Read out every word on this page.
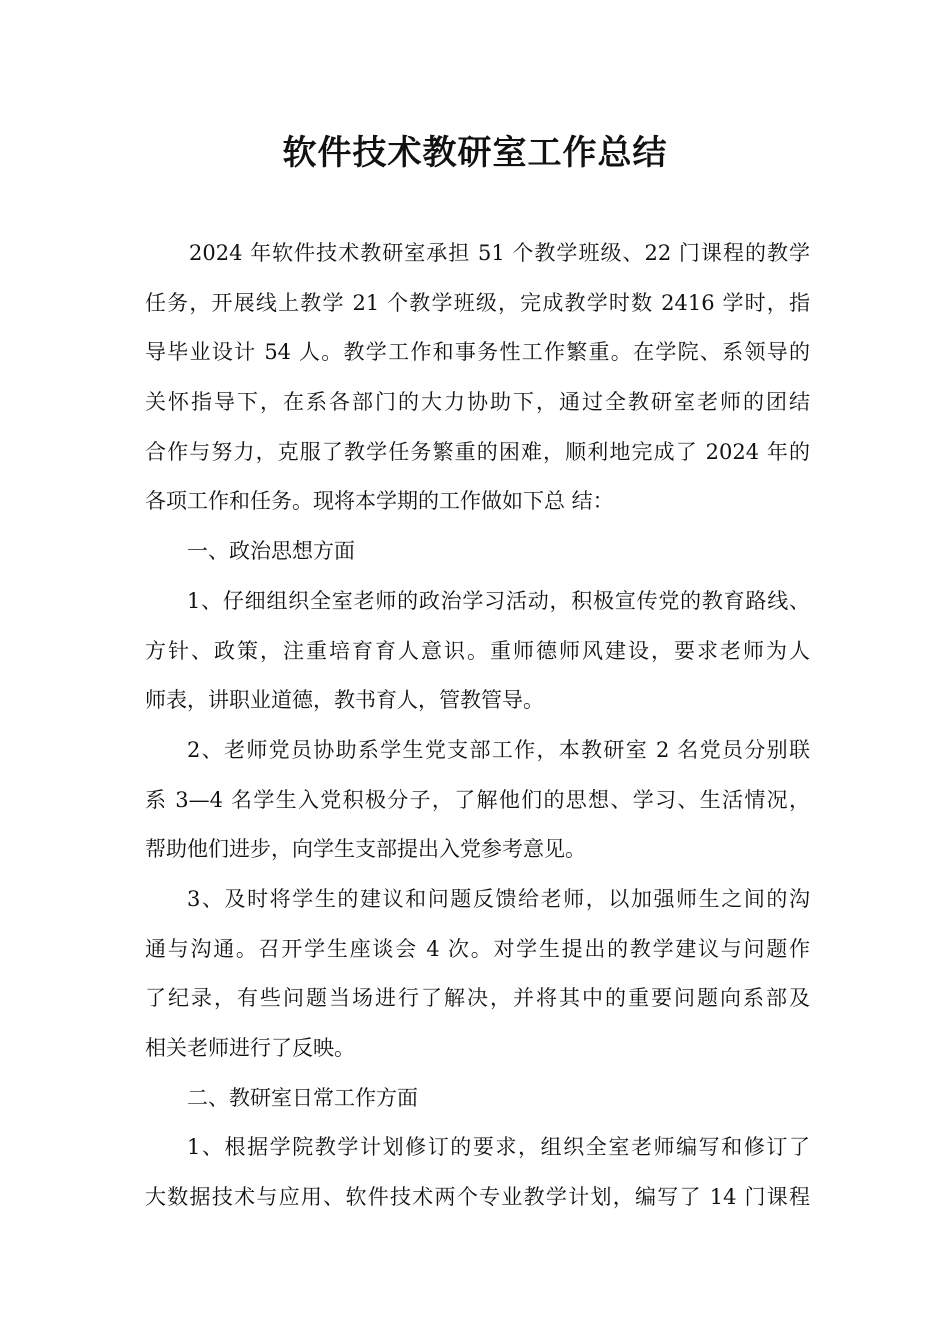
软件技术教研室工作总结
2024 年软件技术教研室承担 51 个教学班级、22 门课程的教学
任务，开展线上教学 21 个教学班级，完成教学时数 2416 学时，指
导毕业设计 54 人。教学工作和事务性工作繁重。在学院、系领导的
关怀指导下，在系各部门的大力协助下，通过全教研室老师的团结
合作与努力，克服了教学任务繁重的困难，顺利地完成了 2024 年的
各项工作和任务。现将本学期的工作做如下总 结：
一、政治思想方面
1、仔细组织全室老师的政治学习活动，积极宣传党的教育路线、
方针、政策，注重培育育人意识。重师德师风建设，要求老师为人
师表，讲职业道德，教书育人，管教管导。
2、老师党员协助系学生党支部工作，本教研室 2 名党员分别联
系 3—4 名学生入党积极分子，了解他们的思想、学习、生活情况，
帮助他们进步，向学生支部提出入党参考意见。
3、及时将学生的建议和问题反馈给老师，以加强师生之间的沟
通与沟通。召开学生座谈会 4 次。对学生提出的教学建议与问题作
了纪录，有些问题当场进行了解决，并将其中的重要问题向系部及
相关老师进行了反映。
二、教研室日常工作方面
1、根据学院教学计划修订的要求，组织全室老师编写和修订了
大数据技术与应用、软件技术两个专业教学计划，编写了 14 门课程
